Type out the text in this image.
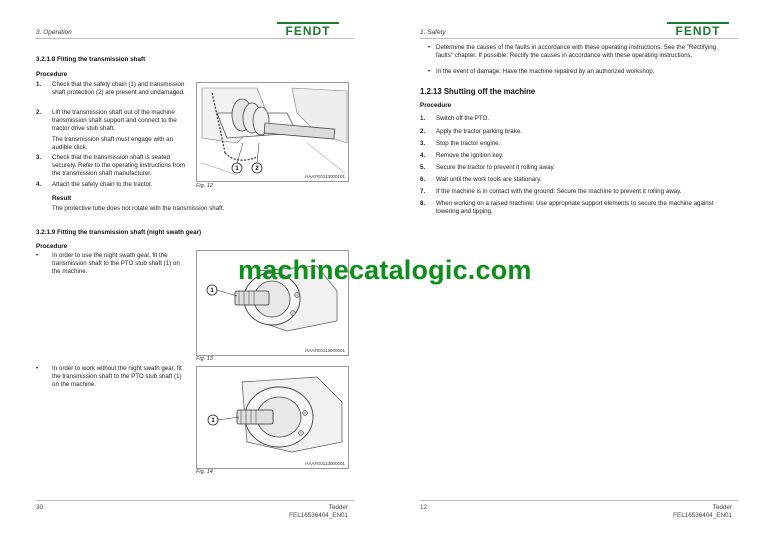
3. Operation	FENDT
3.2.1.8 Fitting the transmission shaft
Procedure
1. Check that the safety chain (1) and transmission shaft protection (2) are present and undamaged.
2. Lift the transmission shaft out of the machine transmission shaft support and connect to the tractor drive stub shaft.
The transmission shaft must engage with an audible click.
3. Check that the transmission shaft is seated securely. Refer to the operating instructions from the transmission shaft manufacturer.
4. Attach the safety chain to the tractor.
Result
The protective tube does not rotate with the transmission shaft.
1	2
HAAFE0113000101
Fig. 12
3.2.1.9 Fitting the transmission shaft (night swath gear)
Procedure
• In order to use the night swath gear, fit the transmission shaft to the PTO stub shaft (1) on the machine.
1
HAAFE0113000001
Fig. 13
• In order to work without the night swath gear, fit the transmission shaft to the PTO stub shaft (1) on the machine.
1
HAAFE0113000001
Fig. 14
30	Tedder
FEL16536404_EN01
1. Safety	FENDT
• Determine the causes of the faults in accordance with these operating instructions. See the "Rectifying faults" chapter. If possible: Rectify the causes in accordance with these operating instructions.
• In the event of damage: Have the machine repaired by an authorized workshop.
1.2.13 Shutting off the machine
Procedure
1. Switch off the PTO.
2. Apply the tractor parking brake.
3. Stop the tractor engine.
4. Remove the ignition key.
5. Secure the tractor to prevent it rolling away.
6. Wait until the work tools are stationary.
7. If the machine is in contact with the ground: Secure the machine to prevent it rolling away.
8. When working on a raised machine: Use appropriate support elements to secure the machine against lowering and tipping.
12	Tedder
FEL16536404_EN01
machinecatalogic.com
